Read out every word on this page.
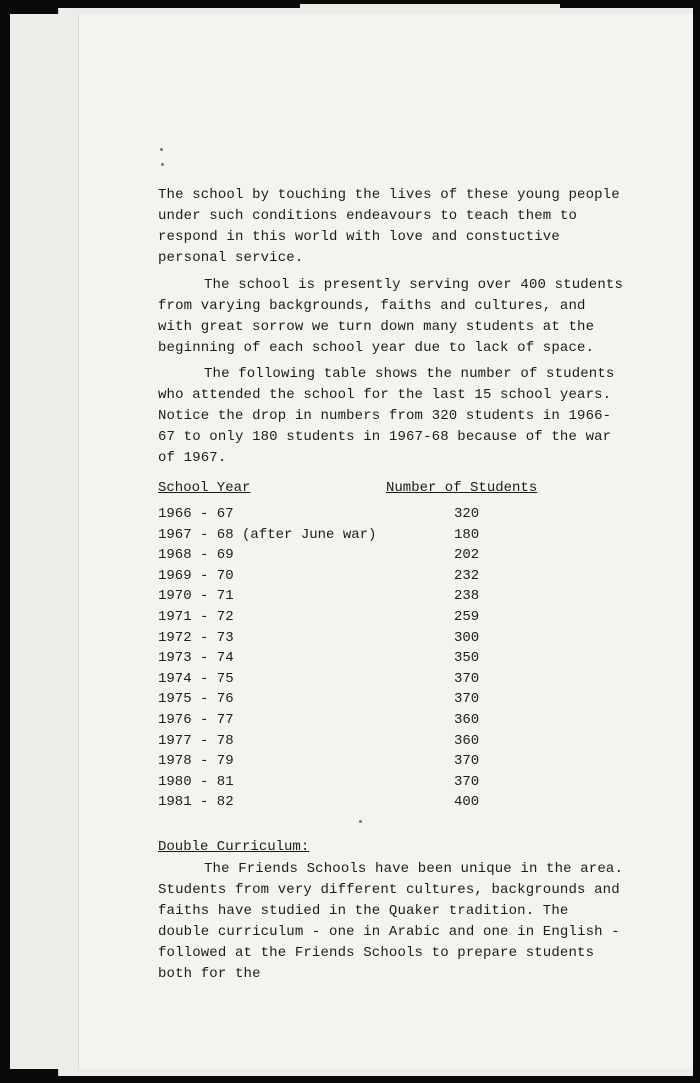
The school by touching the lives of these young people under such conditions endeavours to teach them to respond in this world with love and constuctive personal service.

The school is presently serving over 400 students from varying backgrounds, faiths and cultures, and with great sorrow we turn down many students at the beginning of each school year due to lack of space.

The following table shows the number of students who attended the school for the last 15 school years. Notice the drop in numbers from 320 students in 1966-67 to only 180 students in 1967-68 because of the war of 1967.

School Year	Number of Students
1966 - 67	320
1967 - 68 (after June war)	180
1968 - 69	202
1969 - 70	232
1970 - 71	238
1971 - 72	259
1972 - 73	300
1973 - 74	350
1974 - 75	370
1975 - 76	370
1976 - 77	360
1977 - 78	360
1978 - 79	370
1980 - 81	370
1981 - 82	400
Double Curriculum:

The Friends Schools have been unique in the area. Students from very different cultures, backgrounds and faiths have studied in the Quaker tradition. The double curriculum - one in Arabic and one in English - followed at the Friends Schools to prepare students both for the
